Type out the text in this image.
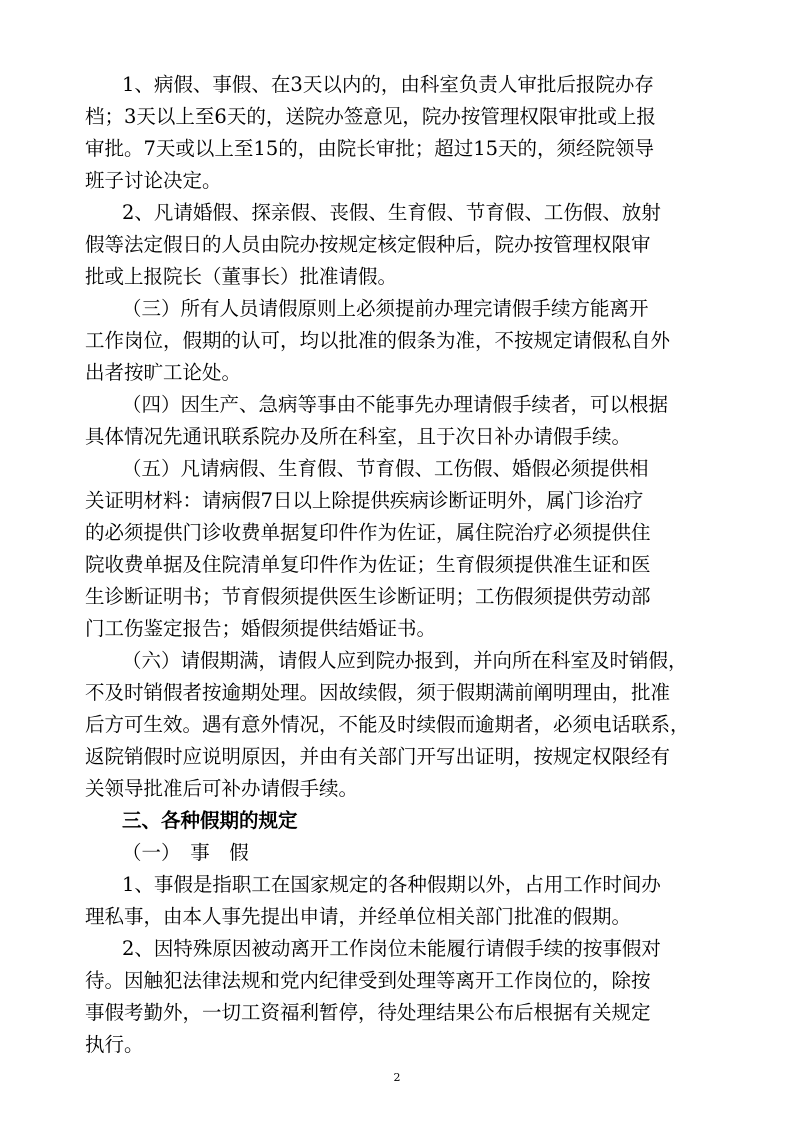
1、病假、事假、在3天以内的，由科室负责人审批后报院办存
档；3天以上至6天的，送院办签意见，院办按管理权限审批或上报
审批。7天或以上至15的，由院长审批；超过15天的，须经院领导
班子讨论决定。
2、凡请婚假、探亲假、丧假、生育假、节育假、工伤假、放射
假等法定假日的人员由院办按规定核定假种后，院办按管理权限审
批或上报院长（董事长）批准请假。
（三）所有人员请假原则上必须提前办理完请假手续方能离开
工作岗位，假期的认可，均以批准的假条为准，不按规定请假私自外
出者按旷工论处。
（四）因生产、急病等事由不能事先办理请假手续者，可以根据
具体情况先通讯联系院办及所在科室，且于次日补办请假手续。
（五）凡请病假、生育假、节育假、工伤假、婚假必须提供相
关证明材料：请病假7日以上除提供疾病诊断证明外，属门诊治疗
的必须提供门诊收费单据复印件作为佐证，属住院治疗必须提供住
院收费单据及住院清单复印件作为佐证；生育假须提供准生证和医
生诊断证明书；节育假须提供医生诊断证明；工伤假须提供劳动部
门工伤鉴定报告；婚假须提供结婚证书。
（六）请假期满，请假人应到院办报到，并向所在科室及时销假，
不及时销假者按逾期处理。因故续假，须于假期满前阐明理由，批准
后方可生效。遇有意外情况，不能及时续假而逾期者，必须电话联系，
返院销假时应说明原因，并由有关部门开写出证明，按规定权限经有
关领导批准后可补办请假手续。
三、各种假期的规定
（一）　事　假
1、事假是指职工在国家规定的各种假期以外，占用工作时间办
理私事，由本人事先提出申请，并经单位相关部门批准的假期。
2、因特殊原因被动离开工作岗位未能履行请假手续的按事假对
待。因触犯法律法规和党内纪律受到处理等离开工作岗位的，除按
事假考勤外，一切工资福利暂停，待处理结果公布后根据有关规定
执行。
2
